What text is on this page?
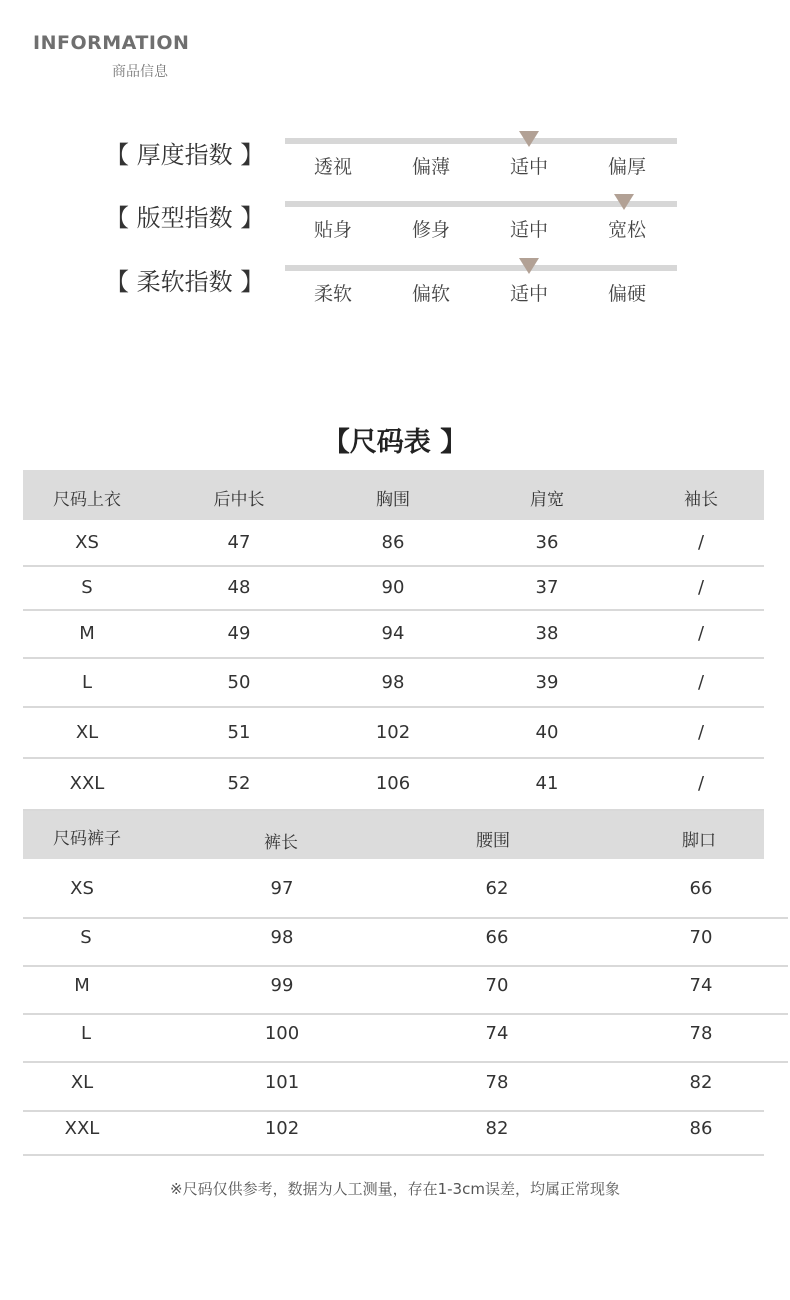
INFORMATION
商品信息
【 厚度指数 】	透视	偏薄	适中	偏厚
【 版型指数 】	贴身	修身	适中	宽松
【 柔软指数 】	柔软	偏软	适中	偏硬
【尺码表 】
尺码上衣	后中长	胸围	肩宽	袖长
XS	47	86	36	/
S	48	90	37	/
M	49	94	38	/
L	50	98	39	/
XL	51	102	40	/
XXL	52	106	41	/
尺码裤子	裤长	腰围	脚口
XS	97	62	66
S	98	66	70
M	99	70	74
L	100	74	78
XL	101	78	82
XXL	102	82	86
※尺码仅供参考，数据为人工测量，存在1-3cm误差，均属正常现象
